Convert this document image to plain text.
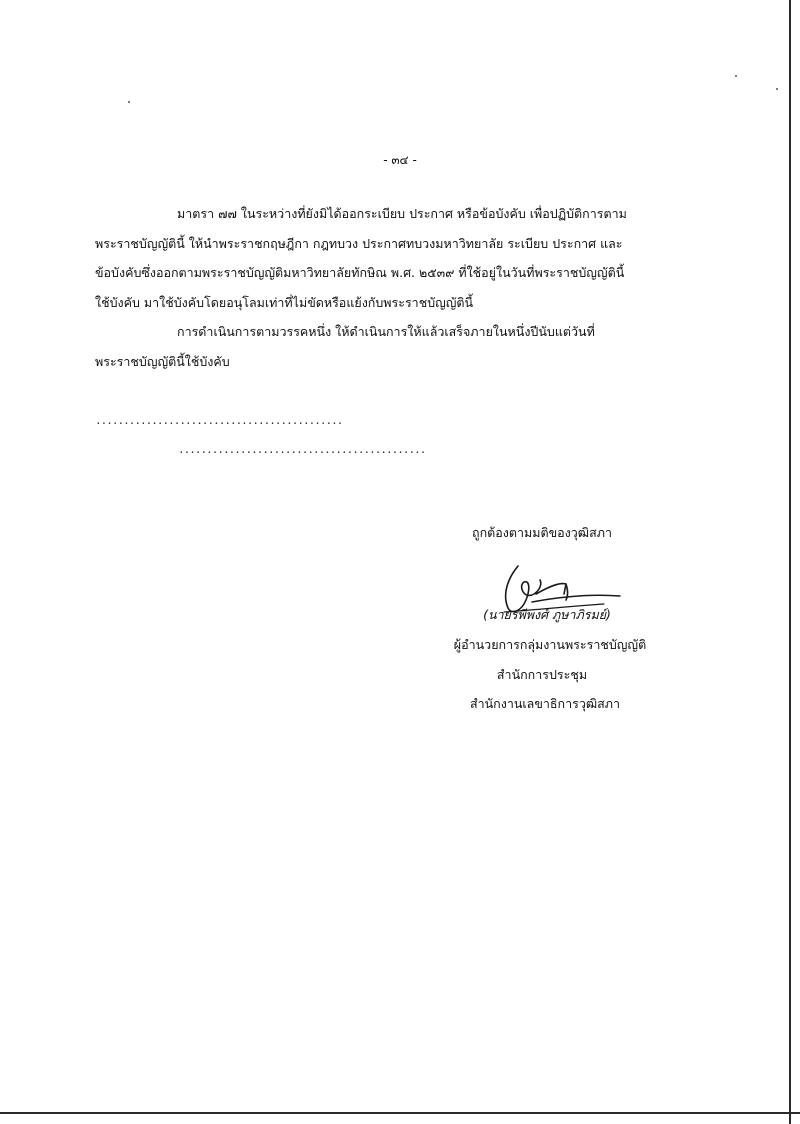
- ๓๔ -
มาตรา ๗๗ ในระหว่างที่ยังมิได้ออกระเบียบ ประกาศ หรือข้อบังคับ เพื่อปฏิบัติการตาม
พระราชบัญญัตินี้ ให้นำพระราชกฤษฎีกา กฎทบวง ประกาศทบวงมหาวิทยาลัย ระเบียบ ประกาศ และ
ข้อบังคับซึ่งออกตามพระราชบัญญัติมหาวิทยาลัยทักษิณ พ.ศ. ๒๕๓๙ ที่ใช้อยู่ในวันที่พระราชบัญญัตินี้
ใช้บังคับ มาใช้บังคับโดยอนุโลมเท่าที่ไม่ขัดหรือแย้งกับพระราชบัญญัตินี้
การดำเนินการตามวรรคหนึ่ง ให้ดำเนินการให้แล้วเสร็จภายในหนึ่งปีนับแต่วันที่
พระราชบัญญัตินี้ใช้บังคับ
............................................
............................................
ถูกต้องตามมติของวุฒิสภา
(นายรพีพงศ์ ภูษาภิรมย์)
ผู้อำนวยการกลุ่มงานพระราชบัญญัติ
สำนักการประชุม
สำนักงานเลขาธิการวุฒิสภา
